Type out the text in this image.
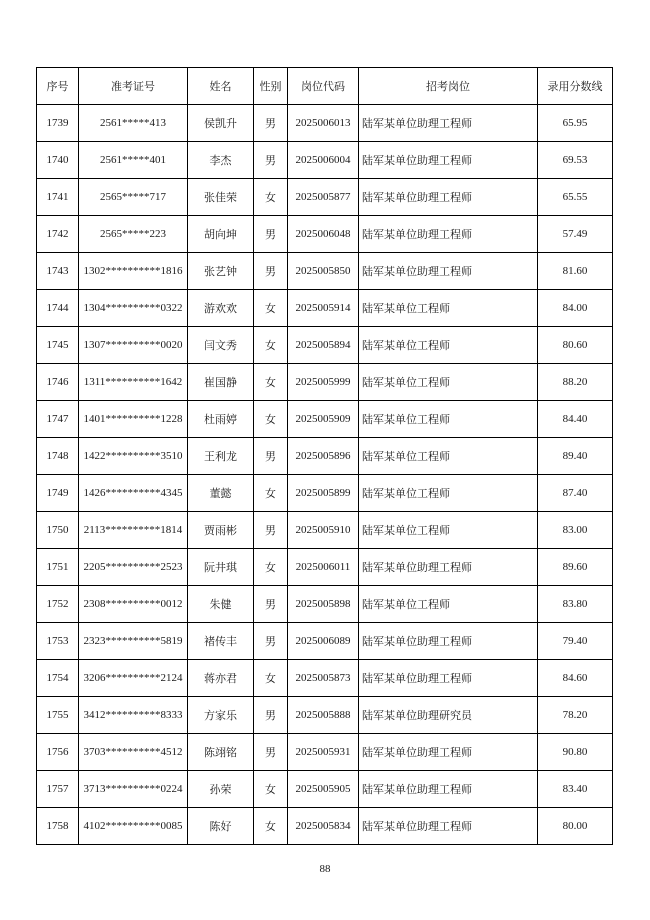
序号	准考证号	姓名	性别	岗位代码	招考岗位	录用分数线
1739	2561*****413	侯凯升	男	2025006013	陆军某单位助理工程师	65.95
1740	2561*****401	李杰	男	2025006004	陆军某单位助理工程师	69.53
1741	2565*****717	张佳荣	女	2025005877	陆军某单位助理工程师	65.55
1742	2565*****223	胡向坤	男	2025006048	陆军某单位助理工程师	57.49
1743	1302**********1816	张艺钟	男	2025005850	陆军某单位助理工程师	81.60
1744	1304**********0322	游欢欢	女	2025005914	陆军某单位工程师	84.00
1745	1307**********0020	闫文秀	女	2025005894	陆军某单位工程师	80.60
1746	1311**********1642	崔国静	女	2025005999	陆军某单位工程师	88.20
1747	1401**********1228	杜雨婷	女	2025005909	陆军某单位工程师	84.40
1748	1422**********3510	王利龙	男	2025005896	陆军某单位工程师	89.40
1749	1426**********4345	董懿	女	2025005899	陆军某单位工程师	87.40
1750	2113**********1814	贾雨彬	男	2025005910	陆军某单位工程师	83.00
1751	2205**********2523	阮井琪	女	2025006011	陆军某单位助理工程师	89.60
1752	2308**********0012	朱健	男	2025005898	陆军某单位工程师	83.80
1753	2323**********5819	褚传丰	男	2025006089	陆军某单位助理工程师	79.40
1754	3206**********2124	蒋亦君	女	2025005873	陆军某单位助理工程师	84.60
1755	3412**********8333	方家乐	男	2025005888	陆军某单位助理研究员	78.20
1756	3703**********4512	陈翊铭	男	2025005931	陆军某单位助理工程师	90.80
1757	3713**********0224	孙荣	女	2025005905	陆军某单位助理工程师	83.40
1758	4102**********0085	陈好	女	2025005834	陆军某单位助理工程师	80.00
88
